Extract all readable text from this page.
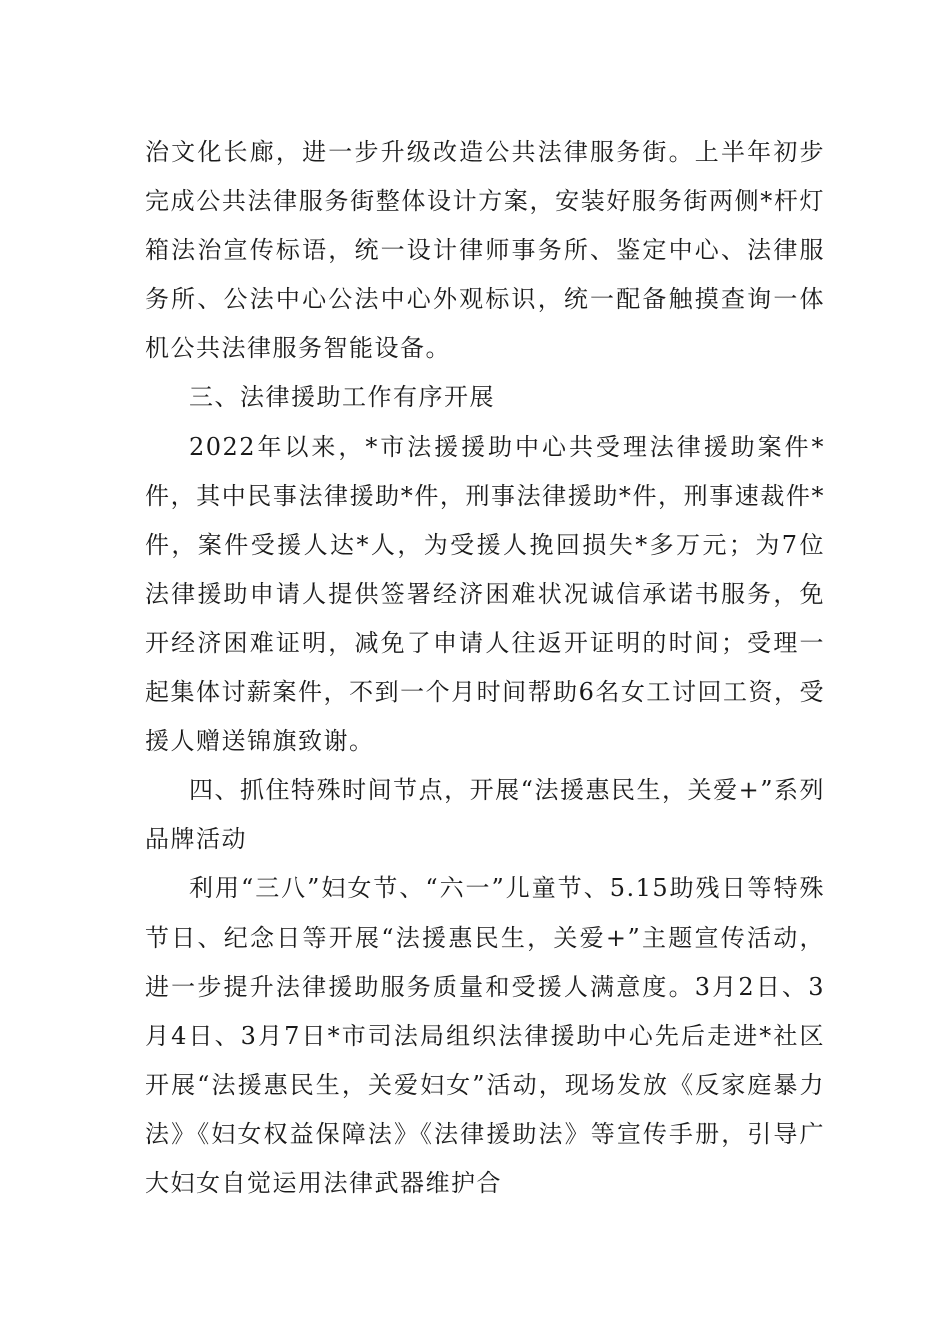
治文化长廊，进一步升级改造公共法律服务街。上半年初步完成公共法律服务街整体设计方案，安装好服务街两侧*杆灯箱法治宣传标语，统一设计律师事务所、鉴定中心、法律服务所、公法中心公法中心外观标识，统一配备触摸查询一体机公共法律服务智能设备。

三、法律援助工作有序开展

2022年以来，*市法援援助中心共受理法律援助案件*件，其中民事法律援助*件，刑事法律援助*件，刑事速裁件*件，案件受援人达*人，为受援人挽回损失*多万元；为7位法律援助申请人提供签署经济困难状况诚信承诺书服务，免开经济困难证明，减免了申请人往返开证明的时间；受理一起集体讨薪案件，不到一个月时间帮助6名女工讨回工资，受援人赠送锦旗致谢。

四、抓住特殊时间节点，开展“法援惠民生，关爱+”系列品牌活动

利用“三八”妇女节、“六一”儿童节、5.15助残日等特殊节日、纪念日等开展“法援惠民生，关爱+”主题宣传活动，进一步提升法律援助服务质量和受援人满意度。3月2日、3月4日、3月7日*市司法局组织法律援助中心先后走进*社区开展“法援惠民生，关爱妇女”活动，现场发放《反家庭暴力法》《妇女权益保障法》《法律援助法》等宣传手册，引导广大妇女自觉运用法律武器维护合
